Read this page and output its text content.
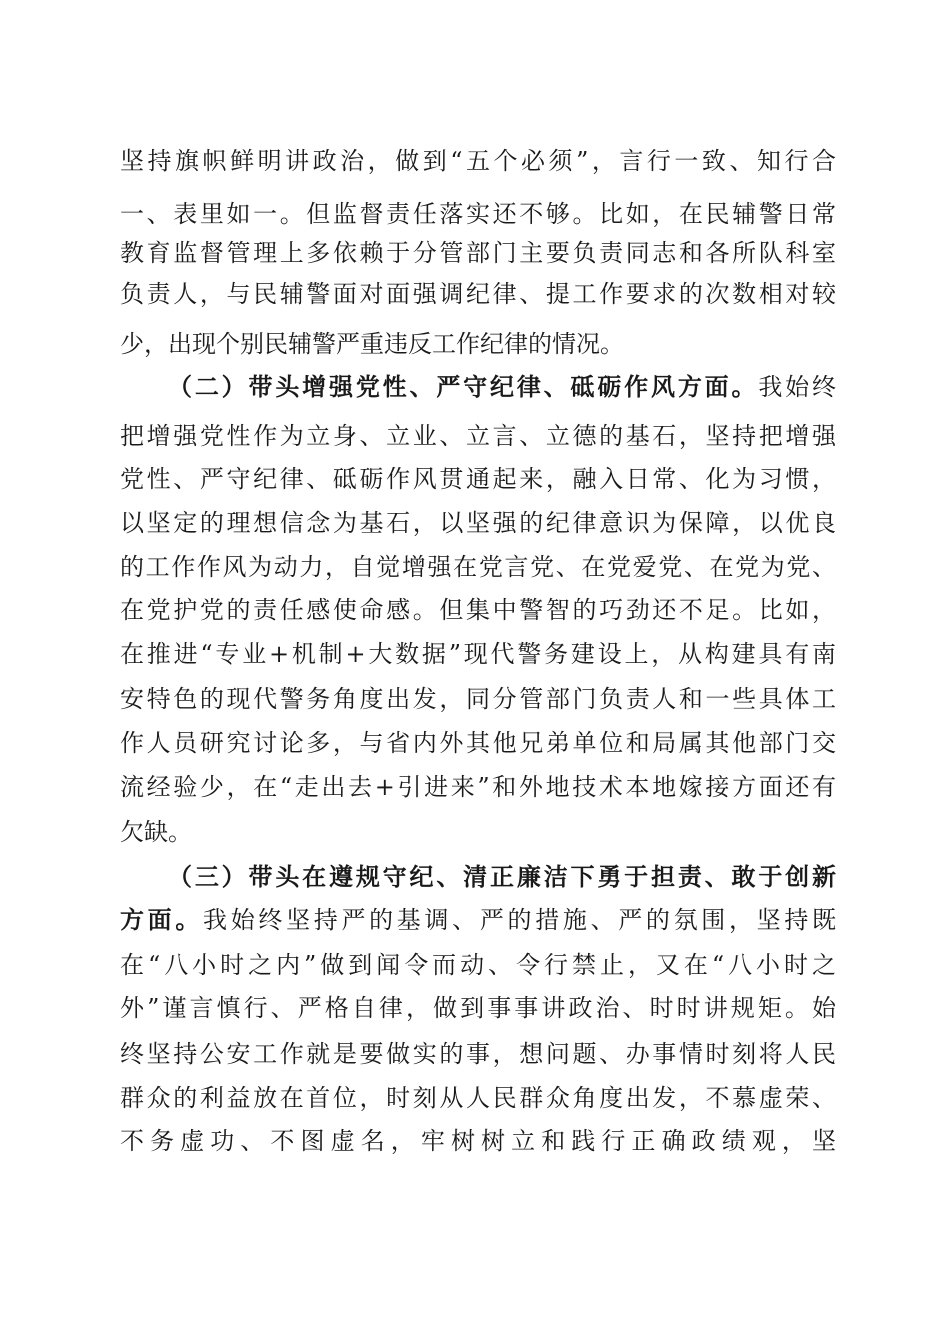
坚持旗帜鲜明讲政治，做到“五个必须”，言行一致、知行合
一、表里如一。但监督责任落实还不够。比如，在民辅警日常
教育监督管理上多依赖于分管部门主要负责同志和各所队科室
负责人，与民辅警面对面强调纪律、提工作要求的次数相对较
少，出现个别民辅警严重违反工作纪律的情况。
（二）带头增强党性、严守纪律、砥砺作风方面。我始终
把增强党性作为立身、立业、立言、立德的基石，坚持把增强
党性、严守纪律、砥砺作风贯通起来，融入日常、化为习惯，
以坚定的理想信念为基石，以坚强的纪律意识为保障，以优良
的工作作风为动力，自觉增强在党言党、在党爱党、在党为党、
在党护党的责任感使命感。但集中警智的巧劲还不足。比如，
在推进“专业+机制+大数据”现代警务建设上，从构建具有南
安特色的现代警务角度出发，同分管部门负责人和一些具体工
作人员研究讨论多，与省内外其他兄弟单位和局属其他部门交
流经验少，在“走出去+引进来”和外地技术本地嫁接方面还有
欠缺。
（三）带头在遵规守纪、清正廉洁下勇于担责、敢于创新
方面。我始终坚持严的基调、严的措施、严的氛围，坚持既
在“八小时之内”做到闻令而动、令行禁止，又在“八小时之
外”谨言慎行、严格自律，做到事事讲政治、时时讲规矩。始
终坚持公安工作就是要做实的事，想问题、办事情时刻将人民
群众的利益放在首位，时刻从人民群众角度出发，不慕虚荣、
不务虚功、不图虚名，牢树树立和践行正确政绩观，坚
